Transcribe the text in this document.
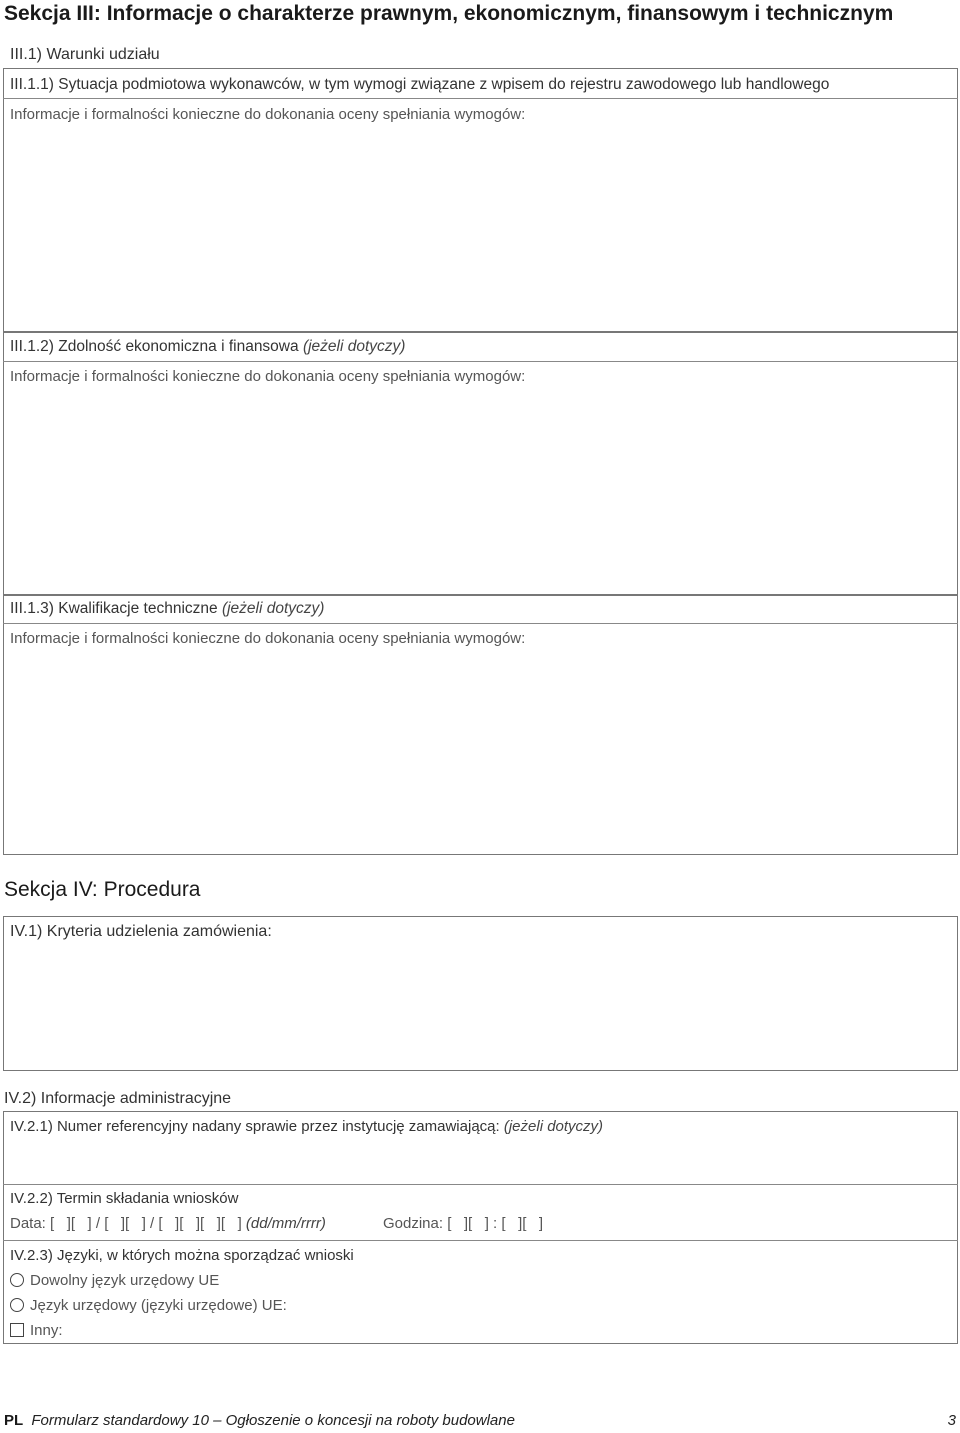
Sekcja III: Informacje o charakterze prawnym, ekonomicznym, finansowym i technicznym
III.1) Warunki udziału
III.1.1) Sytuacja podmiotowa wykonawców, w tym wymogi związane z wpisem do rejestru zawodowego lub handlowego
Informacje i formalności konieczne do dokonania oceny spełniania wymogów:
III.1.2) Zdolność ekonomiczna i finansowa (jeżeli dotyczy)
Informacje i formalności konieczne do dokonania oceny spełniania wymogów:
III.1.3) Kwalifikacje techniczne (jeżeli dotyczy)
Informacje i formalności konieczne do dokonania oceny spełniania wymogów:
Sekcja IV: Procedura
IV.1) Kryteria udzielenia zamówienia:
IV.2) Informacje administracyjne
IV.2.1) Numer referencyjny nadany sprawie przez instytucję zamawiającą: (jeżeli dotyczy)
IV.2.2) Termin składania wniosków
Data: [   ][   ] / [   ][   ] / [   ][   ][   ][   ] (dd/mm/rrrr)	Godzina: [   ][   ] : [   ][   ]
IV.2.3) Języki, w których można sporządzać wnioski
Dowolny język urzędowy UE
Język urzędowy (języki urzędowe) UE:
Inny:
PL Formularz standardowy 10 – Ogłoszenie o koncesji na roboty budowlane	3
